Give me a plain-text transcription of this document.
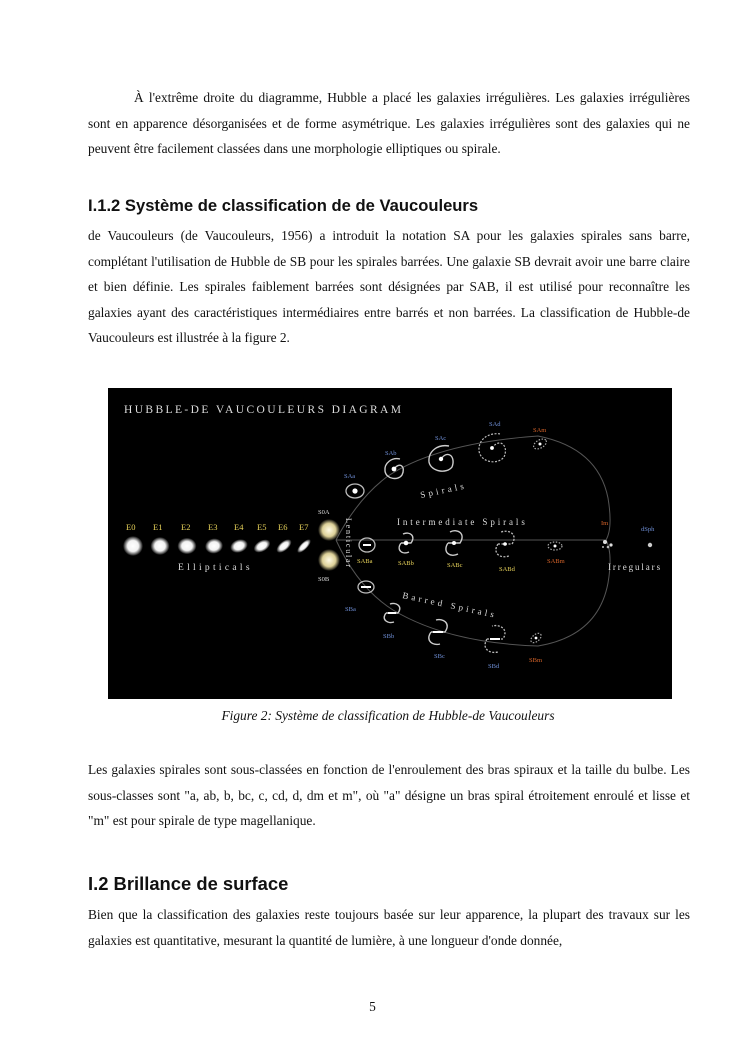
À l'extrême droite du diagramme, Hubble a placé les galaxies irrégulières. Les galaxies irrégulières sont en apparence désorganisées et de forme asymétrique. Les galaxies irrégulières sont des galaxies qui ne peuvent être facilement classées dans une morphologie elliptiques ou spirale.

I.1.2 Système de classification de de Vaucouleurs

de Vaucouleurs (de Vaucouleurs, 1956) a introduit la notation SA pour les galaxies spirales sans barre, complétant l'utilisation de Hubble de SB pour les spirales barrées. Une galaxie SB devrait avoir une barre claire et bien définie. Les spirales faiblement barrées sont désignées par SAB, il est utilisé pour reconnaître les galaxies ayant des caractéristiques intermédiaires entre barrés et non barrées. La classification de Hubble-de Vaucouleurs est illustrée à la figure 2.

HUBBLE-DE VAUCOULEURS DIAGRAM
E0 E1 E2 E3 E4 E5 E6 E7
Ellipticals
S0A
S0B
Lenticular
SAa
SAb
SAc
SAd
SAm
Spirals
Intermediate Spirals
SABa	SABb	SABc
SABd
SABm
SBa
SBb
SBc
SBd
SBm
Barred Spirals
Im
dSph
Irregulars

Figure 2: Système de classification de Hubble-de Vaucouleurs

Les galaxies spirales sont sous-classées en fonction de l'enroulement des bras spiraux et la taille du bulbe. Les sous-classes sont "a, ab, b, bc, c, cd, d, dm et m", où "a" désigne un bras spiral étroitement enroulé et lisse et "m" est pour spirale de type magellanique.

I.2 Brillance de surface

Bien que la classification des galaxies reste toujours basée sur leur apparence, la plupart des travaux sur les galaxies est quantitative, mesurant la quantité de lumière, à une longueur d'onde donnée,

5
